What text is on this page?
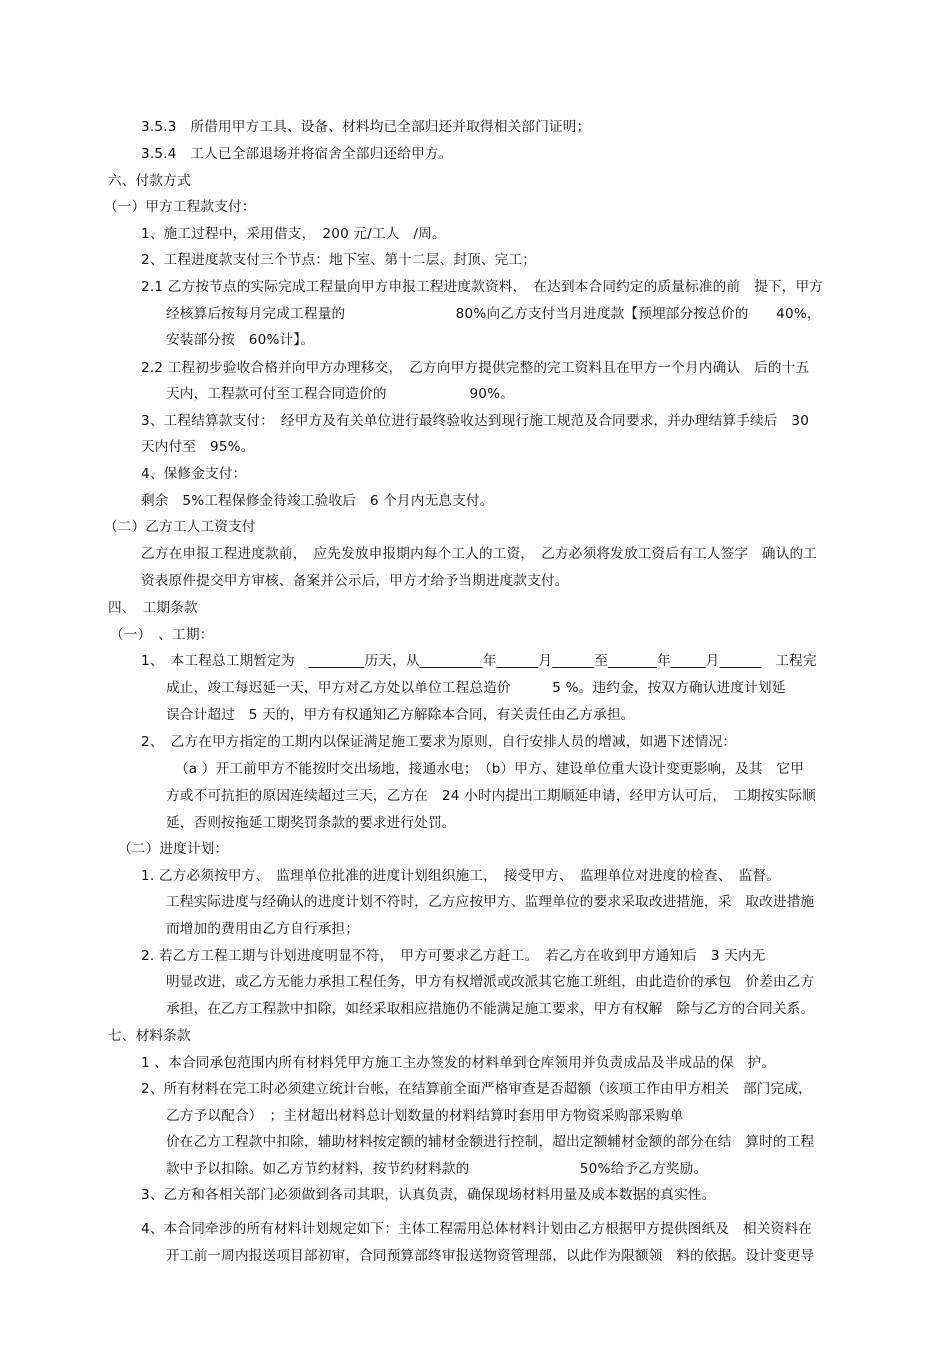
3.5.3　所借用甲方工具、设备、材料均已全部归还并取得相关部门证明；
3.5.4　工人已全部退场并将宿舍全部归还给甲方。
六、付款方式
（一）甲方工程款支付：
1、施工过程中，采用借支，　200 元/工人　/周。
2、工程进度款支付三个节点：地下室、第十二层、封顶、完工；
2.1 乙方按节点的实际完成工程量向甲方申报工程进度款资料，　在达到本合同约定的质量标准的前　提下，甲方
经核算后按每月完成工程量的　　　　　　　　80%向乙方支付当月进度款【预埋部分按总价的　　40%，
安装部分按　60%计】。
2.2 工程初步验收合格并向甲方办理移交，　乙方向甲方提供完整的完工资料且在甲方一个月内确认　后的十五
天内，工程款可付至工程合同造价的　　　　　　90%。
3、工程结算款支付：　经甲方及有关单位进行最终验收达到现行施工规范及合同要求，并办理结算手续后　30
天内付至　95%。
4、保修金支付：
剩余　5%工程保修金待竣工验收后　6 个月内无息支付。
（二）乙方工人工资支付
乙方在申报工程进度款前，　应先发放申报期内每个工人的工资，　乙方必须将发放工资后有工人签字　确认的工
资表原件提交甲方审核、备案并公示后，甲方才给予当期进度款支付。
四、　工期条款
（一）　、工期：
1、　本工程总工期暂定为　________历天，从_________年______月______至_______年_____月______　工程完
成止，竣工每迟延一天，甲方对乙方处以单位工程总造价　　　5 %。违约金，按双方确认进度计划延
误合计超过　5 天的，甲方有权通知乙方解除本合同，有关责任由乙方承担。
2、　乙方在甲方指定的工期内以保证满足施工要求为原则，自行安排人员的增减，如遇下述情况：
（a ）开工前甲方不能按时交出场地，接通水电；　（b）甲方、建设单位重大设计变更影响，及其　它甲
方或不可抗拒的原因连续超过三天，乙方在　24 小时内提出工期顺延申请，经甲方认可后，　工期按实际顺
延，否则按拖延工期奖罚条款的要求进行处罚。
（二）进度计划：
1. 乙方必须按甲方、　监理单位批准的进度计划组织施工，　接受甲方、　监理单位对进度的检查、　监督。
工程实际进度与经确认的进度计划不符时，乙方应按甲方、监理单位的要求采取改进措施，采　取改进措施
而增加的费用由乙方自行承担；
2. 若乙方工程工期与计划进度明显不符，　甲方可要求乙方赶工。　若乙方在收到甲方通知后　3 天内无
明显改进，或乙方无能力承担工程任务，甲方有权增派或改派其它施工班组，由此造价的承包　价差由乙方
承担，在乙方工程款中扣除，如经采取相应措施仍不能满足施工要求，甲方有权解　除与乙方的合同关系。
七、材料条款
1 、本合同承包范围内所有材料凭甲方施工主办签发的材料单到仓库领用并负责成品及半成品的保　护。
2、所有材料在完工时必须建立统计台帐，在结算前全面严格审查是否超额（该项工作由甲方相关　部门完成，
乙方予以配合）　；主材超出材料总计划数量的材料结算时套用甲方物资采购部采购单
价在乙方工程款中扣除，辅助材料按定额的辅材金额进行控制，超出定额辅材金额的部分在结　算时的工程
款中予以扣除。如乙方节约材料，按节约材料款的　　　　　　　　50%给予乙方奖励。
3、乙方和各相关部门必须做到各司其职，认真负责，确保现场材料用量及成本数据的真实性。
4、本合同牵涉的所有材料计划规定如下：主体工程需用总体材料计划由乙方根据甲方提供图纸及　相关资料在
开工前一周内报送项目部初审，合同预算部终审报送物资管理部，以此作为限额领　料的依据。设计变更导
